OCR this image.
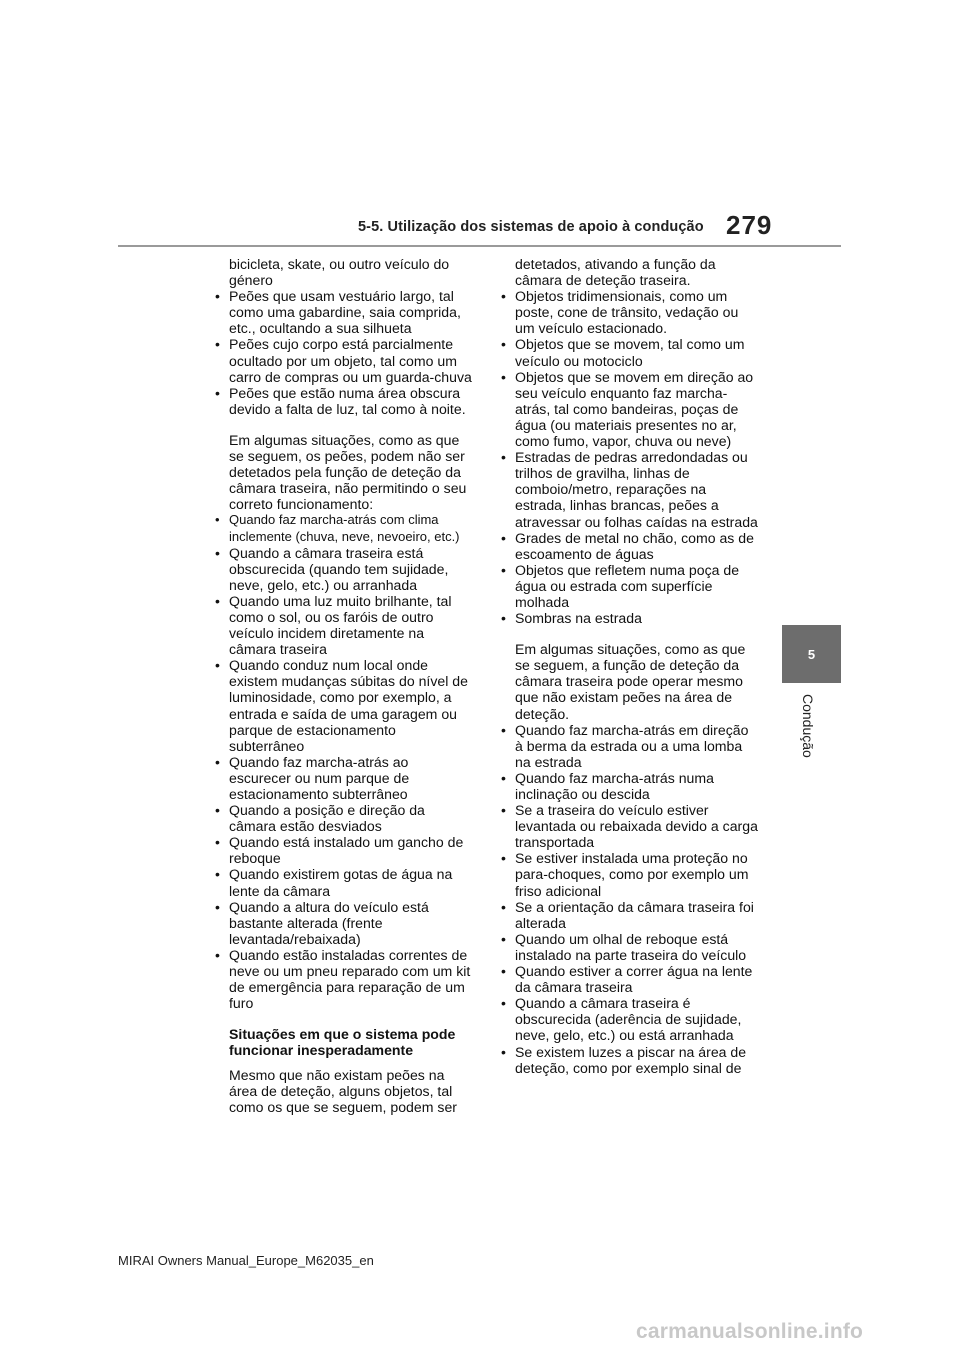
5-5. Utilização dos sistemas de apoio à condução 279
5
Condução

bicicleta, skate, ou outro veículo do género

• Peões que usam vestuário largo, tal como uma gabardine, saia comprida, etc., ocultando a sua silhueta
• Peões cujo corpo está parcialmente ocultado por um objeto, tal como um carro de compras ou um guarda-chuva
• Peões que estão numa área obscura devido a falta de luz, tal como à noite.

Em algumas situações, como as que se seguem, os peões, podem não ser detetados pela função de deteção da câmara traseira, não permitindo o seu correto funcionamento:

• Quando faz marcha-atrás com clima inclemente (chuva, neve, nevoeiro, etc.)
• Quando a câmara traseira está obscurecida (quando tem sujidade, neve, gelo, etc.) ou arranhada
• Quando uma luz muito brilhante, tal como o sol, ou os faróis de outro veículo incidem diretamente na câmara traseira
• Quando conduz num local onde existem mudanças súbitas do nível de luminosidade, como por exemplo, a entrada e saída de uma garagem ou parque de estacionamento subterrâneo
• Quando faz marcha-atrás ao escurecer ou num parque de estacionamento subterrâneo
• Quando a posição e direção da câmara estão desviados
• Quando está instalado um gancho de reboque
• Quando existirem gotas de água na lente da câmara
• Quando a altura do veículo está bastante alterada (frente levantada/rebaixada)
• Quando estão instaladas correntes de neve ou um pneu reparado com um kit de emergência para reparação de um furo

Situações em que o sistema pode funcionar inesperadamente

Mesmo que não existam peões na área de deteção, alguns objetos, tal como os que se seguem, podem ser

detetados, ativando a função da câmara de deteção traseira.

• Objetos tridimensionais, como um poste, cone de trânsito, vedação ou um veículo estacionado.
• Objetos que se movem, tal como um veículo ou motociclo
• Objetos que se movem em direção ao seu veículo enquanto faz marcha-atrás, tal como bandeiras, poças de água (ou materiais presentes no ar, como fumo, vapor, chuva ou neve)
• Estradas de pedras arredondadas ou trilhos de gravilha, linhas de comboio/metro, reparações na estrada, linhas brancas, peões a atravessar ou folhas caídas na estrada
• Grades de metal no chão, como as de escoamento de águas
• Objetos que refletem numa poça de água ou estrada com superfície molhada
• Sombras na estrada

Em algumas situações, como as que se seguem, a função de deteção da câmara traseira pode operar mesmo que não existam peões na área de deteção.

• Quando faz marcha-atrás em direção à berma da estrada ou a uma lomba na estrada
• Quando faz marcha-atrás numa inclinação ou descida
• Se a traseira do veículo estiver levantada ou rebaixada devido a carga transportada
• Se estiver instalada uma proteção no para-choques, como por exemplo um friso adicional
• Se a orientação da câmara traseira foi alterada
• Quando um olhal de reboque está instalado na parte traseira do veículo
• Quando estiver a correr água na lente da câmara traseira
• Quando a câmara traseira é obscurecida (aderência de sujidade, neve, gelo, etc.) ou está arranhada
• Se existem luzes a piscar na área de deteção, como por exemplo sinal de
MIRAI Owners Manual_Europe_M62035_en
carmanualsonline.info
